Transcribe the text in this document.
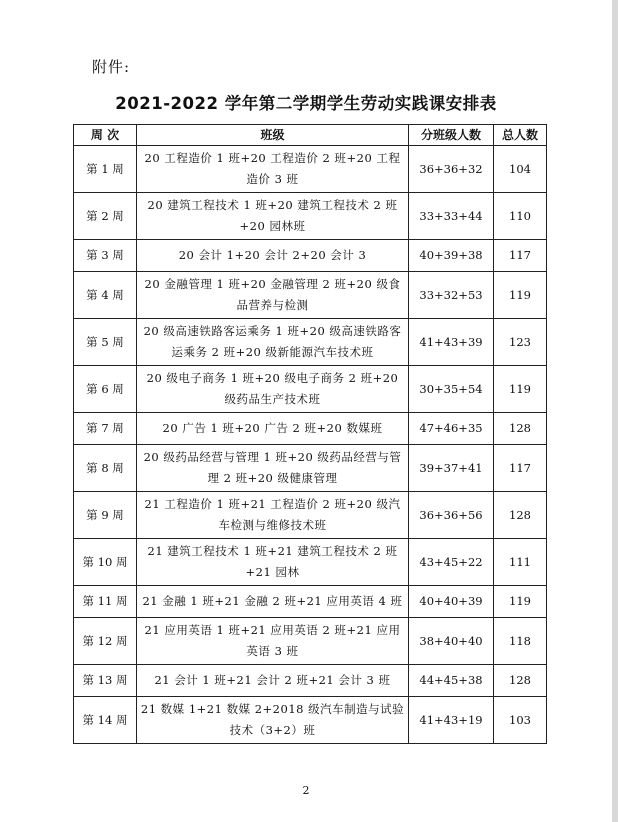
附件:
2021-2022 学年第二学期学生劳动实践课安排表
周 次	班级	分班级人数	总人数
第 1 周	20 工程造价 1 班+20 工程造价 2 班+20 工程造价 3 班	36+36+32	104
第 2 周	20 建筑工程技术 1 班+20 建筑工程技术 2 班+20 园林班	33+33+44	110
第 3 周	20 会计 1+20 会计 2+20 会计 3	40+39+38	117
第 4 周	20 金融管理 1 班+20 金融管理 2 班+20 级食品营养与检测	33+32+53	119
第 5 周	20 级高速铁路客运乘务 1 班+20 级高速铁路客运乘务 2 班+20 级新能源汽车技术班	41+43+39	123
第 6 周	20 级电子商务 1 班+20 级电子商务 2 班+20 级药品生产技术班	30+35+54	119
第 7 周	20 广告 1 班+20 广告 2 班+20 数媒班	47+46+35	128
第 8 周	20 级药品经营与管理 1 班+20 级药品经营与管理 2 班+20 级健康管理	39+37+41	117
第 9 周	21 工程造价 1 班+21 工程造价 2 班+20 级汽车检测与维修技术班	36+36+56	128
第 10 周	21 建筑工程技术 1 班+21 建筑工程技术 2 班+21 园林	43+45+22	111
第 11 周	21 金融 1 班+21 金融 2 班+21 应用英语 4 班	40+40+39	119
第 12 周	21 应用英语 1 班+21 应用英语 2 班+21 应用英语 3 班	38+40+40	118
第 13 周	21 会计 1 班+21 会计 2 班+21 会计 3 班	44+45+38	128
第 14 周	21 数媒 1+21 数媒 2+2018 级汽车制造与试验技术（3+2）班	41+43+19	103
2
